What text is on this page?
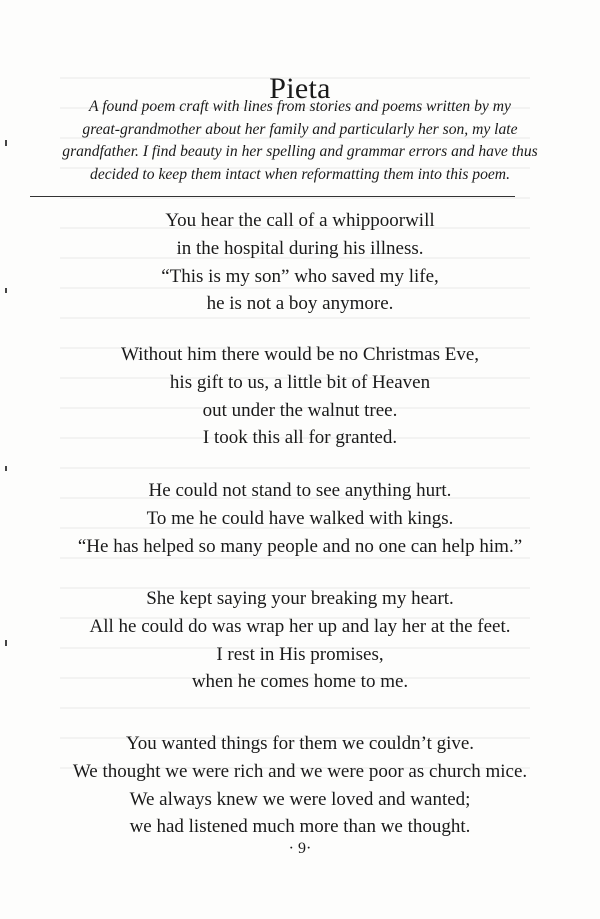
Pieta
A found poem craft with lines from stories and poems written by my
great-grandmother about her family and particularly her son, my late
grandfather. I find beauty in her spelling and grammar errors and have thus
decided to keep them intact when reformatting them into this poem.
You hear the call of a whippoorwill
in the hospital during his illness.
“This is my son” who saved my life,
he is not a boy anymore.
Without him there would be no Christmas Eve,
his gift to us, a little bit of Heaven
out under the walnut tree.
I took this all for granted.
He could not stand to see anything hurt.
To me he could have walked with kings.
“He has helped so many people and no one can help him.”
She kept saying your breaking my heart.
All he could do was wrap her up and lay her at the feet.
I rest in His promises,
when he comes home to me.
You wanted things for them we couldn’t give.
We thought we were rich and we were poor as church mice.
We always knew we were loved and wanted;
we had listened much more than we thought.
· 9·
